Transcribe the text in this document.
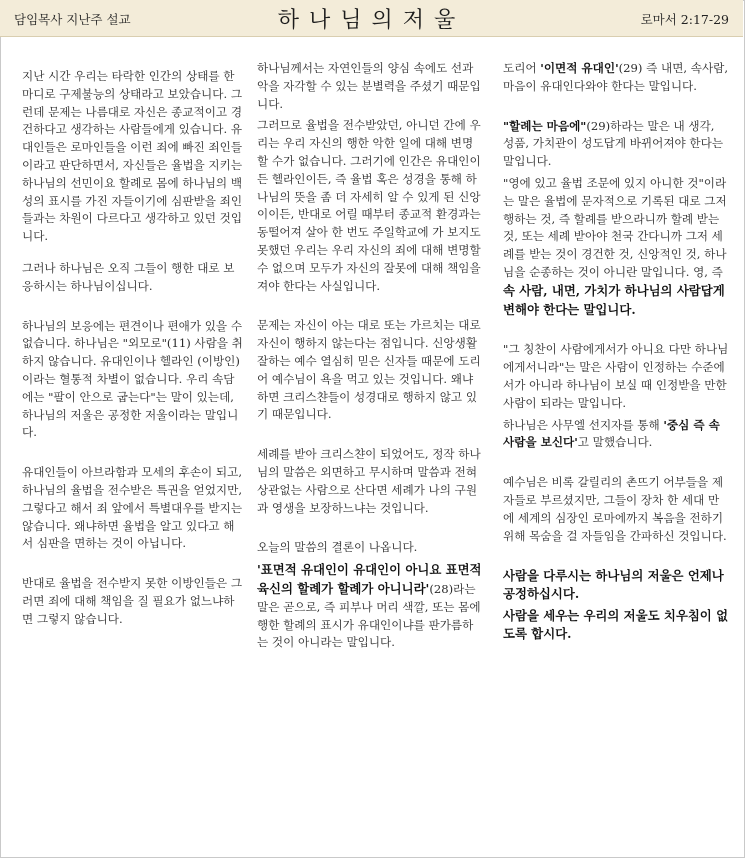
담임목사 지난주 설교	하나님의저울	로마서 2:17-29

지난 시간 우리는 타락한 인간의 상태를 한 마디로 구제불능의 상태라고 보았습니다. 그런데 문제는 나름대로 자신은 종교적이고 경건하다고 생각하는 사람들에게 있습니다. 유대인들은 로마인들을 이런 죄에 빠진 죄인들이라고 판단하면서, 자신들은 율법을 지키는 하나님의 선민이요 할례로 몸에 하나님의 백성의 표시를 가진 자들이기에 심판받을 죄인들과는 차원이 다르다고 생각하고 있던 것입니다.

그러나 하나님은 오직 그들이 행한 대로 보응하시는 하나님이십니다.

하나님의 보응에는 편견이나 편애가 있을 수 없습니다. 하나님은 "외모로"(11) 사람을 취하지 않습니다. 유대인이나 헬라인 (이방인) 이라는 혈통적 차별이 없습니다. 우리 속담에는 "팔이 안으로 굽는다"는 말이 있는데, 하나님의 저울은 공정한 저울이라는 말입니다.

유대인들이 아브라함과 모세의 후손이 되고, 하나님의 율법을 전수받은 특권을 얻었지만, 그렇다고 해서 죄 앞에서 특별대우를 받지는 않습니다. 왜냐하면 율법을 알고 있다고 해서 심판을 면하는 것이 아닙니다.

반대로 율법을 전수받지 못한 이방인들은 그러면 죄에 대해 책임을 질 필요가 없느냐하면 그렇지 않습니다.

하나님께서는 자연인들의 양심 속에도 선과 악을 자각할 수 있는 분별력을 주셨기 때문입니다.

그러므로 율법을 전수받았던, 아니던 간에 우리는 우리 자신의 행한 악한 일에 대해 변명할 수가 없습니다. 그러기에 인간은 유대인이든 헬라인이든, 즉 율법 혹은 성경을 통해 하나님의 뜻을 좀 더 자세히 알 수 있게 된 신앙이이든, 반대로 어릴 때부터 종교적 환경과는 동떨어져 살아 한 번도 주일학교에 가 보지도 못했던 우리는 우리 자신의 죄에 대해 변명할 수 없으며 모두가 자신의 잘못에 대해 책임을 져야 한다는 사실입니다.

문제는 자신이 아는 대로 또는 가르치는 대로 자신이 행하지 않는다는 점입니다. 신앙생활 잘하는 예수 열심히 믿은 신자들 때문에 도리어 예수님이 욕을 먹고 있는 것입니다. 왜냐하면 크리스챤들이 성경대로 행하지 않고 있기 때문입니다.

세례를 받아 크리스챤이 되었어도, 정작 하나님의 말씀은 외면하고 무시하며 말씀과 전혀 상관없는 사람으로 산다면 세례가 나의 구원과 영생을 보장하느냐는 것입니다.

오늘의 말씀의 결론이 나옵니다.

'표면적 유대인이 유대인이 아니요 표면적 육신의 할례가 할례가 아니니라'(28)라는 말은 곧으로, 즉 피부나 머리 색깔, 또는 몸에 행한 할례의 표시가 유대인이냐를 판가름하는 것이 아니라는 말입니다.

도리어 '이면적 유대인'(29) 즉 내면, 속사람, 마음이 유대인다와야 한다는 말입니다.

"할례는 마음에"(29)하라는 말은 내 생각, 성품, 가치관이 성도답게 바뀌어져야 한다는 말입니다.

"영에 있고 율법 조문에 있지 아니한 것"이라는 말은 율법에 문자적으로 기록된 대로 그저 행하는 것, 즉 할례를 받으라니까 할례 받는 것, 또는 세례 받아야 천국 간다니까 그저 세례를 받는 것이 경건한 것, 신앙적인 것, 하나님을 순종하는 것이 아니란 말입니다. 영, 즉 속 사람, 내면, 가치가 하나님의 사람답게 변해야 한다는 말입니다.

"그 칭찬이 사람에게서가 아니요 다만 하나님에게서니라"는 말은 사람이 인정하는 수준에서가 아니라 하나님이 보실 때 인정받을 만한 사람이 되라는 말입니다.

하나님은 사무엘 선지자를 통해 '중심 즉 속사람을 보신다'고 말했습니다.

예수님은 비록 갈릴리의 촌뜨기 어부들을 제자들로 부르셨지만, 그들이 장차 한 세대 만에 세계의 심장인 로마에까지 복음을 전하기 위해 목숨을 걸 자들임을 간파하신 것입니다.

사람을 다루시는 하나님의 저울은 언제나 공정하십시다.

사람을 세우는 우리의 저울도 치우침이 없도록 합시다.
